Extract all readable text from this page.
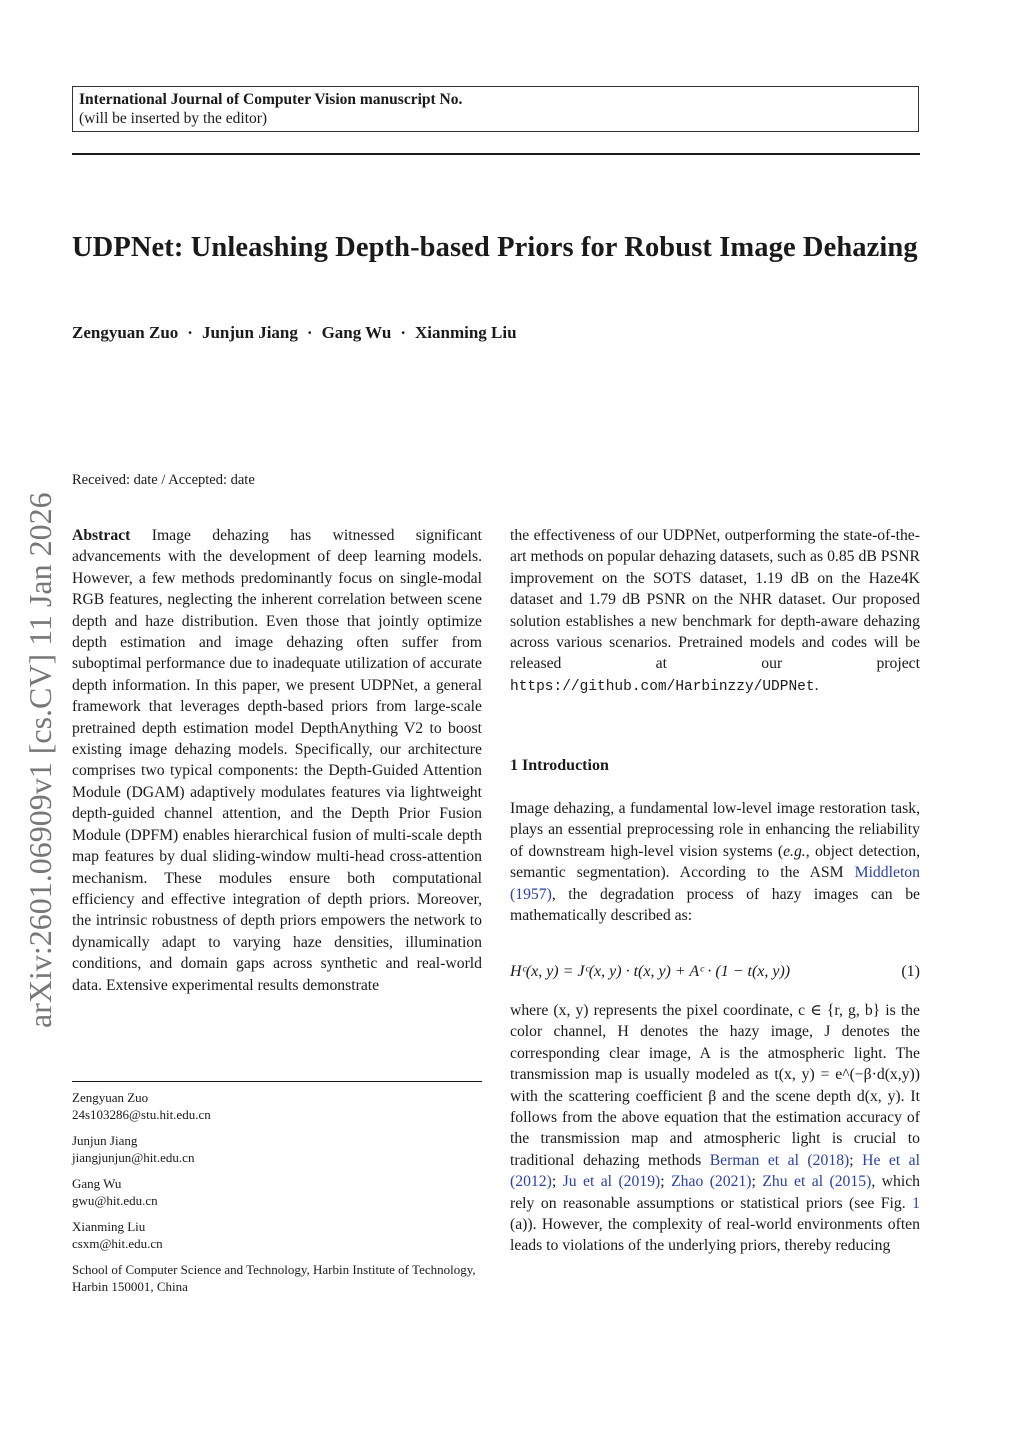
International Journal of Computer Vision manuscript No.
(will be inserted by the editor)
UDPNet: Unleashing Depth-based Priors for Robust Image Dehazing
Zengyuan Zuo · Junjun Jiang · Gang Wu · Xianming Liu
arXiv:2601.06909v1 [cs.CV] 11 Jan 2026
Received: date / Accepted: date

Abstract Image dehazing has witnessed significant advancements with the development of deep learning models. However, a few methods predominantly focus on single-modal RGB features, neglecting the inherent correlation between scene depth and haze distribution. Even those that jointly optimize depth estimation and image dehazing often suffer from suboptimal performance due to inadequate utilization of accurate depth information. In this paper, we present UDPNet, a general framework that leverages depth-based priors from large-scale pretrained depth estimation model DepthAnything V2 to boost existing image dehazing models. Specifically, our architecture comprises two typical components: the Depth-Guided Attention Module (DGAM) adaptively modulates features via lightweight depth-guided channel attention, and the Depth Prior Fusion Module (DPFM) enables hierarchical fusion of multi-scale depth map features by dual sliding-window multi-head cross-attention mechanism. These modules ensure both computational efficiency and effective integration of depth priors. Moreover, the intrinsic robustness of depth priors empowers the network to dynamically adapt to varying haze densities, illumination conditions, and domain gaps across synthetic and real-world data. Extensive experimental results demonstrate

the effectiveness of our UDPNet, outperforming the state-of-the-art methods on popular dehazing datasets, such as 0.85 dB PSNR improvement on the SOTS dataset, 1.19 dB on the Haze4K dataset and 1.79 dB PSNR on the NHR dataset. Our proposed solution establishes a new benchmark for depth-aware dehazing across various scenarios. Pretrained models and codes will be released at our project https://github.com/Harbinzzy/UDPNet.

1 Introduction

Image dehazing, a fundamental low-level image restoration task, plays an essential preprocessing role in enhancing the reliability of downstream high-level vision systems (e.g., object detection, semantic segmentation). According to the ASM Middleton (1957), the degradation process of hazy images can be mathematically described as:

Hᶜ(x, y) = Jᶜ(x, y) · t(x, y) + Aᶜ · (1 − t(x, y))	(1)

where (x, y) represents the pixel coordinate, c ∈ {r, g, b} is the color channel, H denotes the hazy image, J denotes the corresponding clear image, A is the atmospheric light. The transmission map is usually modeled as t(x, y) = e^(−β·d(x,y)) with the scattering coefficient β and the scene depth d(x, y). It follows from the above equation that the estimation accuracy of the transmission map and atmospheric light is crucial to traditional dehazing methods Berman et al (2018); He et al (2012); Ju et al (2019); Zhao (2021); Zhu et al (2015), which rely on reasonable assumptions or statistical priors (see Fig. 1 (a)). However, the complexity of real-world environments often leads to violations of the underlying priors, thereby reducing

Zengyuan Zuo
24s103286@stu.hit.edu.cn
Junjun Jiang
jiangjunjun@hit.edu.cn
Gang Wu
gwu@hit.edu.cn
Xianming Liu
csxm@hit.edu.cn
School of Computer Science and Technology, Harbin Institute of Technology, Harbin 150001, China
